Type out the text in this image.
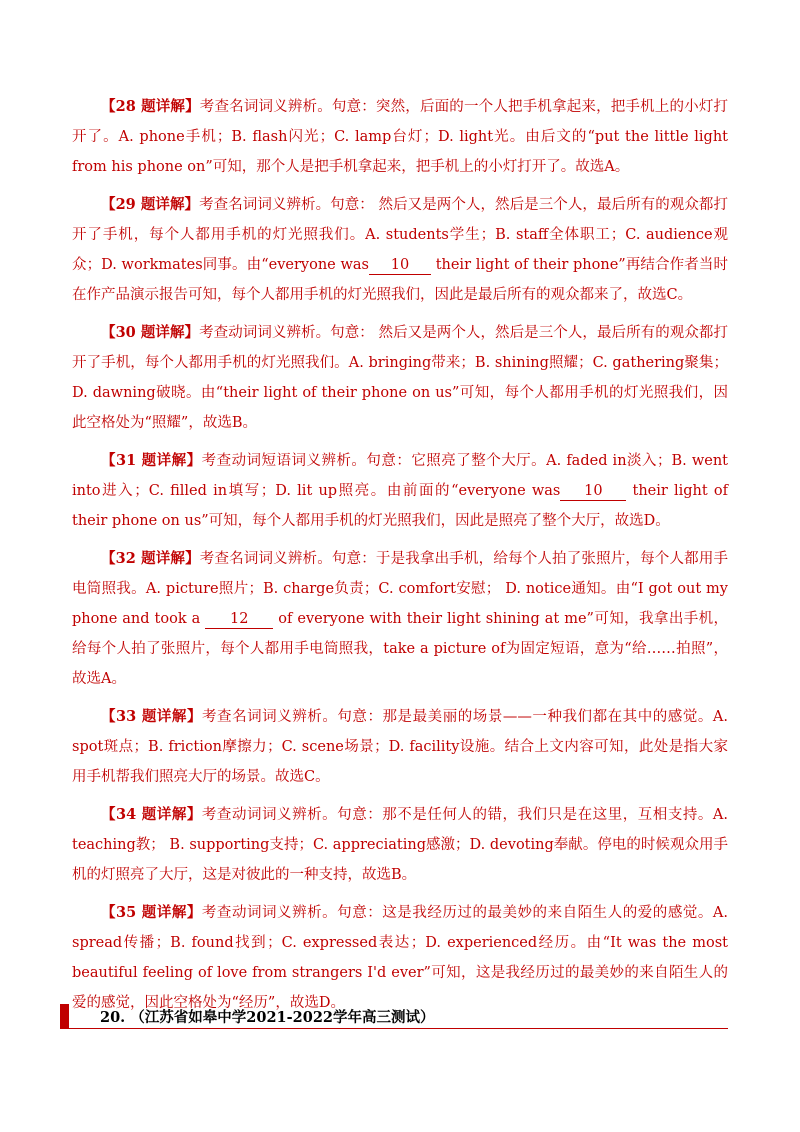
【28 题详解】考查名词词义辨析。句意：突然，后面的一个人把手机拿起来，把手机上的小灯打开了。A. phone手机；B. flash闪光；C. lamp台灯；D. light光。由后文的“put the little light from his phone on”可知，那个人是把手机拿起来，把手机上的小灯打开了。故选A。

【29 题详解】考查名词词义辨析。句意： 然后又是两个人，然后是三个人，最后所有的观众都打开了手机，每个人都用手机的灯光照我们。A. students学生；B. staff全体职工；C. audience观众；D. workmates同事。由“everyone was 10 their light of their phone”再结合作者当时在作产品演示报告可知，每个人都用手机的灯光照我们，因此是最后所有的观众都来了，故选C。

【30 题详解】考查动词词义辨析。句意： 然后又是两个人，然后是三个人，最后所有的观众都打开了手机，每个人都用手机的灯光照我们。A. bringing带来；B. shining照耀；C. gathering聚集；D. dawning破晓。由“their light of their phone on us”可知，每个人都用手机的灯光照我们，因此空格处为“照耀”，故选B。

【31 题详解】考查动词短语词义辨析。句意：它照亮了整个大厅。A. faded in淡入；B. went into进入；C. filled in填写；D. lit up照亮。由前面的“everyone was 10 their light of their phone on us”可知，每个人都用手机的灯光照我们，因此是照亮了整个大厅，故选D。

【32 题详解】考查名词词义辨析。句意：于是我拿出手机，给每个人拍了张照片，每个人都用手电筒照我。A. picture照片；B. charge负责；C. comfort安慰； D. notice通知。由“I got out my phone and took a 12 of everyone with their light shining at me”可知，我拿出手机，给每个人拍了张照片，每个人都用手电筒照我，take a picture of为固定短语，意为“给……拍照”，故选A。

【33 题详解】考查名词词义辨析。句意：那是最美丽的场景——一种我们都在其中的感觉。A. spot斑点；B. friction摩擦力；C. scene场景；D. facility设施。结合上文内容可知，此处是指大家用手机帮我们照亮大厅的场景。故选C。

【34 题详解】考查动词词义辨析。句意：那不是任何人的错，我们只是在这里，互相支持。A. teaching教； B. supporting支持；C. appreciating感激；D. devoting奉献。停电的时候观众用手机的灯照亮了大厅，这是对彼此的一种支持，故选B。

【35 题详解】考查动词词义辨析。句意：这是我经历过的最美妙的来自陌生人的爱的感觉。A. spread传播；B. found找到；C. expressed表达；D. experienced经历。由“It was the most beautiful feeling of love from strangers I'd ever”可知，这是我经历过的最美妙的来自陌生人的爱的感觉，因此空格处为“经历”，故选D。

20. （江苏省如皋中学2021-2022学年高三测试）
